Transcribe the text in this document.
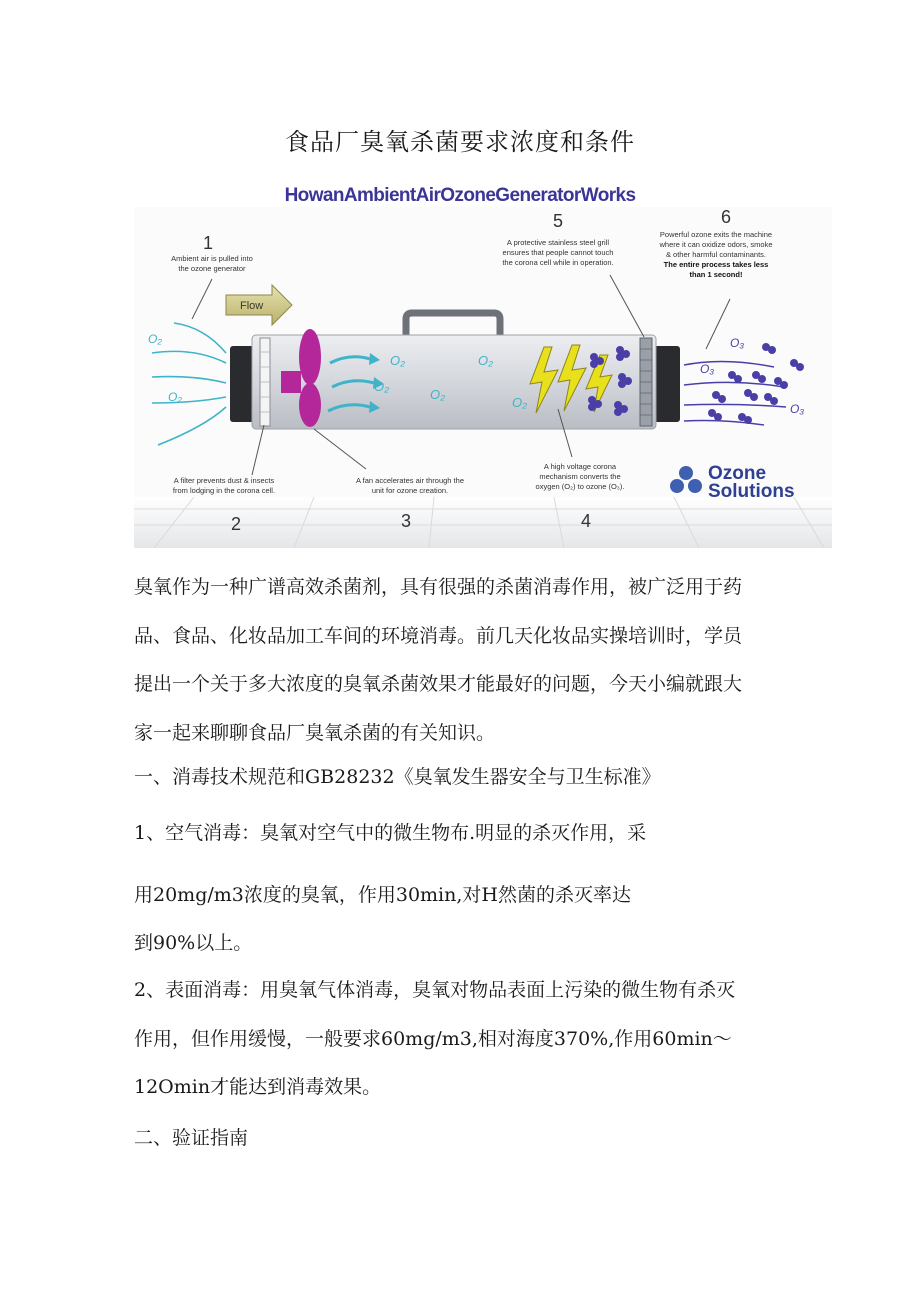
食品厂臭氧杀菌要求浓度和条件
HowanAmbientAirOzoneGeneratorWorks
O₂
O₂
O₂
O₂
O₂
O₂
O₂
Flow
O₃
O₃
O₃
1
Ambient air is pulled into
the ozone generator
A filter prevents dust & insects
from lodging in the corona cell.
2
A fan accelerates air through the
unit for ozone creation.
3
A high voltage corona
mechanism converts the
oxygen (O₂) to ozone (O₃).
4
5
A protective stainless steel grill
ensures that people cannot touch
the corona cell while in operation.
6
Powerful ozone exits the machine
where it can oxidize odors, smoke
& other harmful contaminants.
The entire process takes less
than 1 second!
Ozone
Solutions
臭氧作为一种广谱高效杀菌剂，具有很强的杀菌消毒作用，被广泛用于药
品、食品、化妆品加工车间的环境消毒。前几天化妆品实操培训时，学员
提出一个关于多大浓度的臭氧杀菌效果才能最好的问题，今天小编就跟大
家一起来聊聊食品厂臭氧杀菌的有关知识。
一、消毒技术规范和GB28232《臭氧发生器安全与卫生标准》
1、空气消毒：臭氧对空气中的微生物布.明显的杀灭作用，采
用20mg∕m3浓度的臭氧，作用30min,对H然菌的杀灭率达
到90%以上。
2、表面消毒：用臭氧气体消毒，臭氧对物品表面上污染的微生物有杀灭
作用，但作用缓慢，一般要求60mg∕m3,相对海度370%,作用60min～
12Omin才能达到消毒效果。
二、验证指南
